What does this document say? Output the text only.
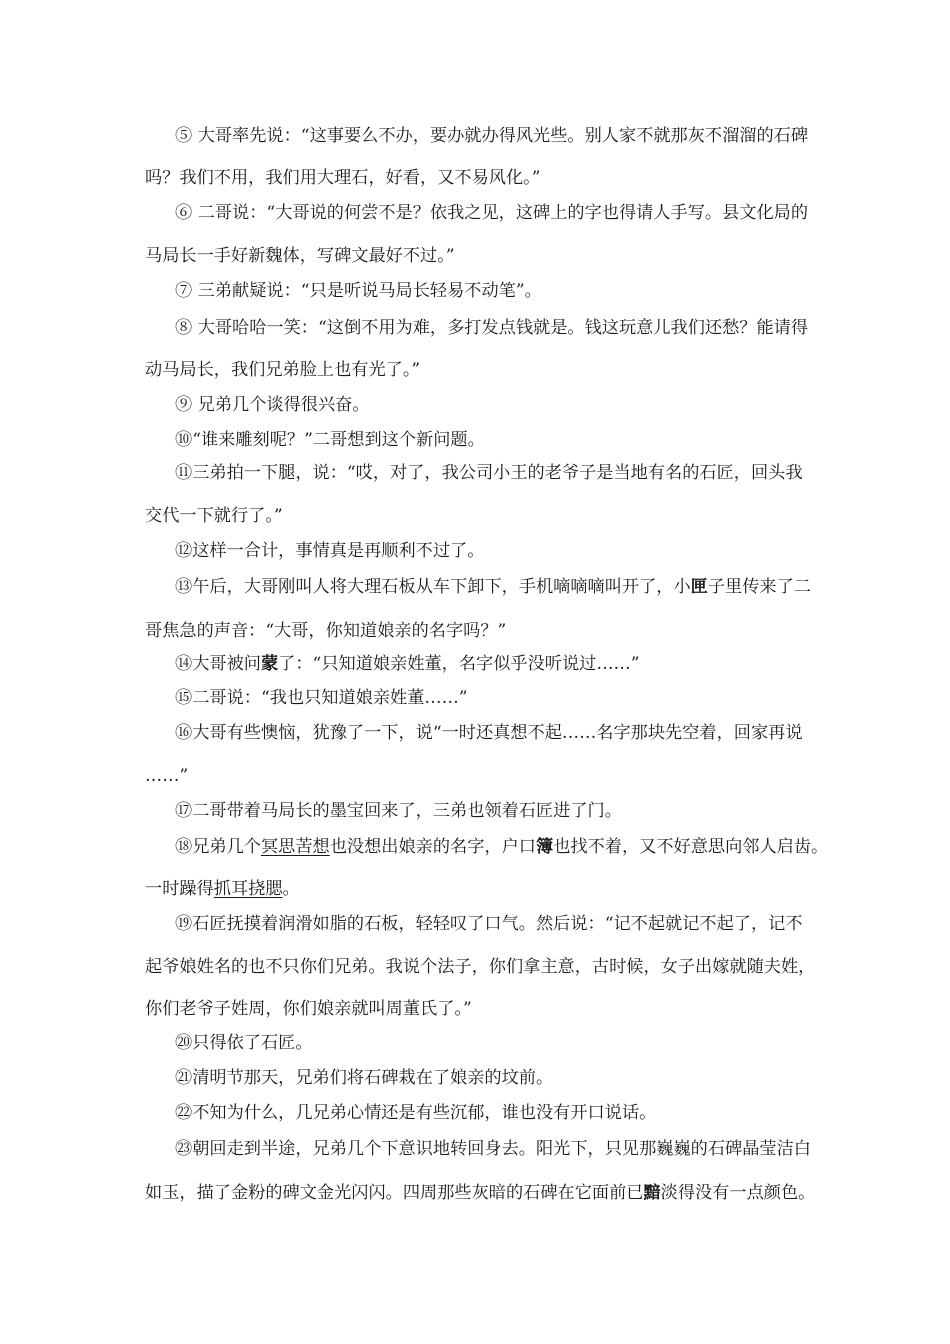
⑤ 大哥率先说：“这事要么不办，要办就办得风光些。别人家不就那灰不溜溜的石碑
吗？我们不用，我们用大理石，好看，又不易风化。”
⑥ 二哥说：“大哥说的何尝不是？依我之见，这碑上的字也得请人手写。县文化局的
马局长一手好新魏体，写碑文最好不过。”
⑦ 三弟献疑说：“只是听说马局长轻易不动笔”。
⑧ 大哥哈哈一笑：“这倒不用为难，多打发点钱就是。钱这玩意儿我们还愁？能请得
动马局长，我们兄弟脸上也有光了。”
⑨ 兄弟几个谈得很兴奋。
⑩“谁来雕刻呢？”二哥想到这个新问题。
⑪三弟拍一下腿，说：“哎，对了，我公司小王的老爷子是当地有名的石匠，回头我
交代一下就行了。”
⑫这样一合计，事情真是再顺利不过了。
⑬午后，大哥刚叫人将大理石板从车下卸下，手机嘀嘀嘀叫开了，小匣子里传来了二
哥焦急的声音：“大哥，你知道娘亲的名字吗？”
⑭大哥被问蒙了：“只知道娘亲姓董，名字似乎没听说过……”
⑮二哥说：“我也只知道娘亲姓董……”
⑯大哥有些懊恼，犹豫了一下，说“一时还真想不起……名字那块先空着，回家再说
……”
⑰二哥带着马局长的墨宝回来了，三弟也领着石匠进了门。
⑱兄弟几个冥思苦想也没想出娘亲的名字，户口簿也找不着，又不好意思向邻人启齿。
一时躁得抓耳挠腮。
⑲石匠抚摸着润滑如脂的石板，轻轻叹了口气。然后说：“记不起就记不起了，记不
起爷娘姓名的也不只你们兄弟。我说个法子，你们拿主意，古时候，女子出嫁就随夫姓，
你们老爷子姓周，你们娘亲就叫周董氏了。”
⑳只得依了石匠。
㉑清明节那天，兄弟们将石碑栽在了娘亲的坟前。
㉒不知为什么，几兄弟心情还是有些沉郁，谁也没有开口说话。
㉓朝回走到半途，兄弟几个下意识地转回身去。阳光下，只见那巍巍的石碑晶莹洁白
如玉，描了金粉的碑文金光闪闪。四周那些灰暗的石碑在它面前已黯淡得没有一点颜色。
